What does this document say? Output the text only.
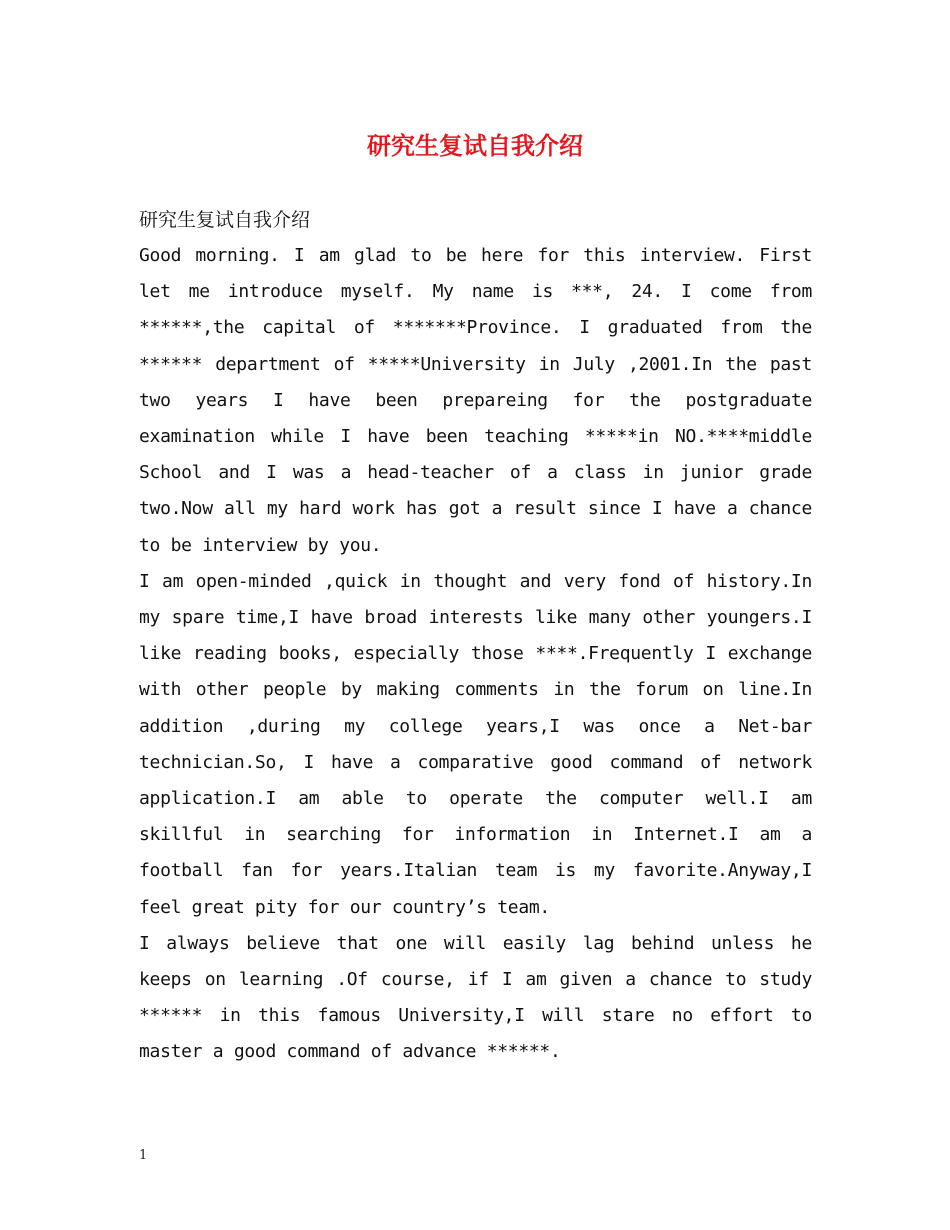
研究生复试自我介绍

研究生复试自我介绍

Good morning. I am glad to be here for this interview. First let me introduce myself. My name is ***, 24. I come from ******,the capital of *******Province. I graduated from the ****** department of *****University in July ,2001.In the past two years I have been prepareing for the postgraduate examination while I have been teaching *****in NO.****middle School and I was a head-teacher of a class in junior grade two.Now all my hard work has got a result since I have a chance to be interview by you.

I am open-minded ,quick in thought and very fond of history.In my spare time,I have broad interests like many other youngers.I like reading books, especially those ****.Frequently I exchange with other people by making comments in the forum on line.In addition ,during my college years,I was once a Net-bar technician.So, I have a comparative good command of network application.I am able to operate the computer well.I am skillful in searching for information in Internet.I am a football fan for years.Italian team is my favorite.Anyway,I feel great pity for our country’s team.

I always believe that one will easily lag behind unless he keeps on learning .Of course, if I am given a chance to study ****** in this famous University,I will stare no effort to master a good command of advance ******.

1
